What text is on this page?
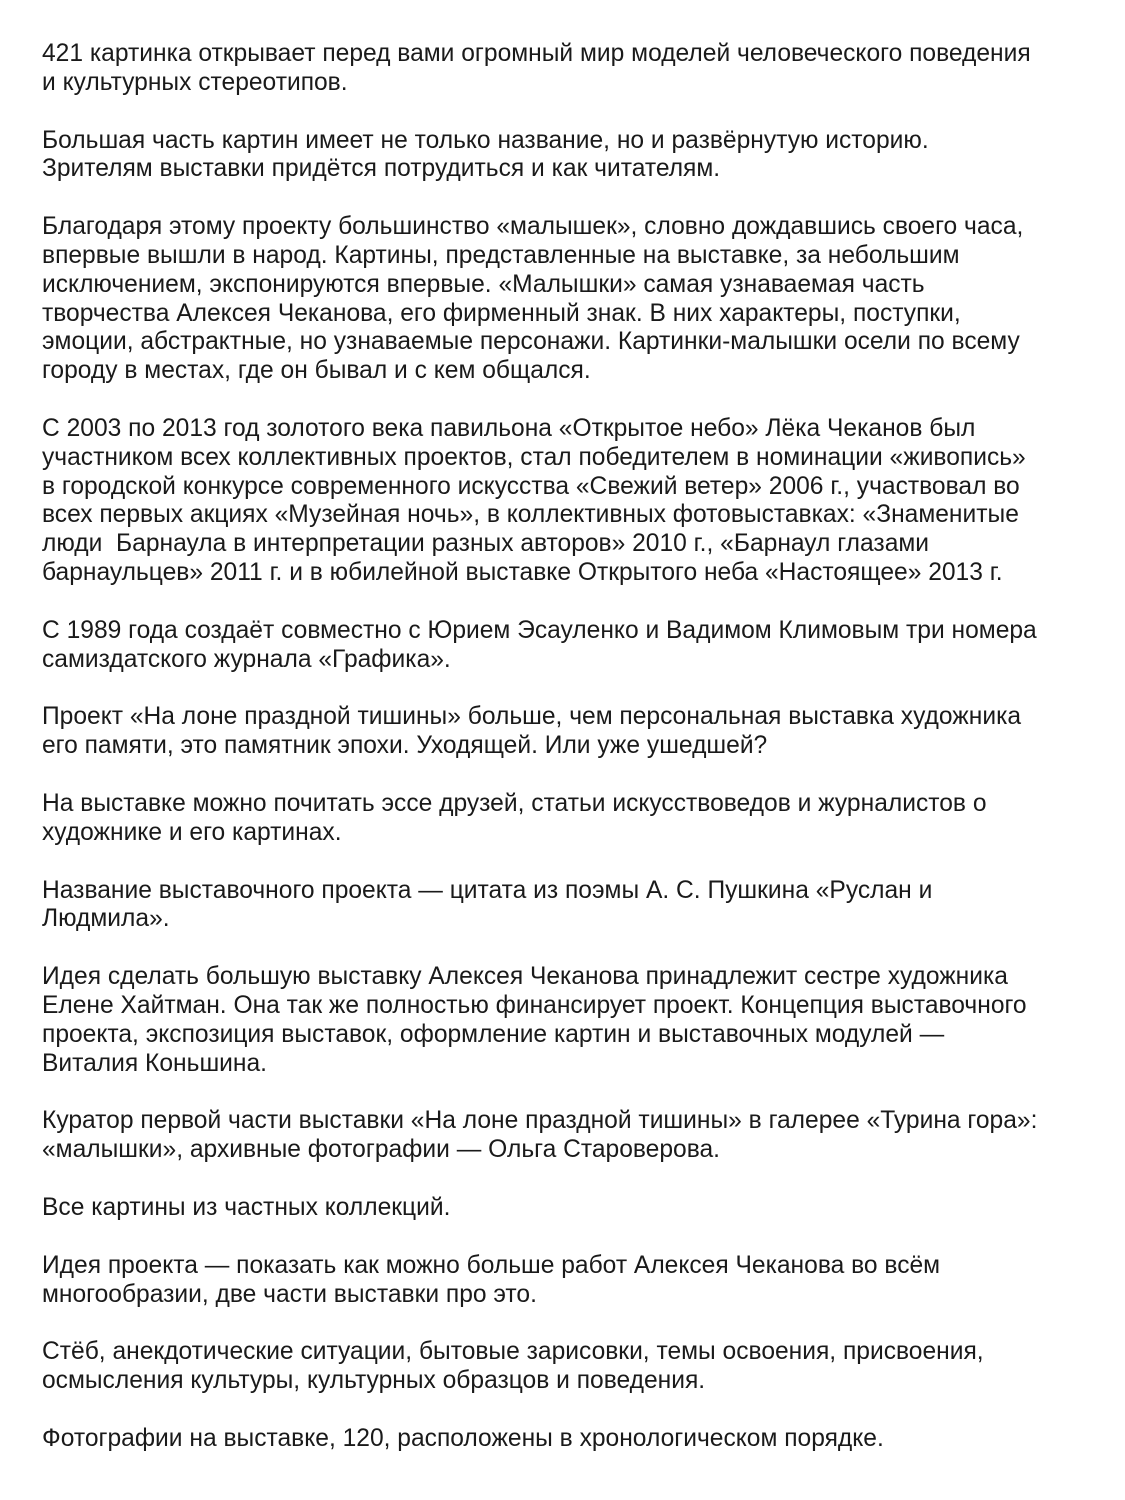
421 картинка открывает перед вами огромный мир моделей человеческого поведения
и культурных стереотипов.

Большая часть картин имеет не только название, но и развёрнутую историю.
Зрителям выставки придётся потрудиться и как читателям.

Благодаря этому проекту большинство «малышек», словно дождавшись своего часа,
впервые вышли в народ. Картины, представленные на выставке, за небольшим
исключением, экспонируются впервые. «Малышки» самая узнаваемая часть
творчества Алексея Чеканова, его фирменный знак. В них характеры, поступки,
эмоции, абстрактные, но узнаваемые персонажи. Картинки-малышки осели по всему
городу в местах, где он бывал и с кем общался.

С 2003 по 2013 год золотого века павильона «Открытое небо» Лёка Чеканов был
участником всех коллективных проектов, стал победителем в номинации «живопись»
в городской конкурсе современного искусства «Свежий ветер» 2006 г., участвовал во
всех первых акциях «Музейная ночь», в коллективных фотовыставках: «Знаменитые
люди  Барнаула в интерпретации разных авторов» 2010 г., «Барнаул глазами
барнаульцев» 2011 г. и в юбилейной выставке Открытого неба «Настоящее» 2013 г.

С 1989 года создаёт совместно с Юрием Эсауленко и Вадимом Климовым три номера
самиздатского журнала «Графика».

Проект «На лоне праздной тишины» больше, чем персональная выставка художника
его памяти, это памятник эпохи. Уходящей. Или уже ушедшей?

На выставке можно почитать эссе друзей, статьи искусствоведов и журналистов о
художнике и его картинах.

Название выставочного проекта — цитата из поэмы А. С. Пушкина «Руслан и
Людмила».

Идея сделать большую выставку Алексея Чеканова принадлежит сестре художника
Елене Хайтман. Она так же полностью финансирует проект. Концепция выставочного
проекта, экспозиция выставок, оформление картин и выставочных модулей —
Виталия Коньшина.

Куратор первой части выставки «На лоне праздной тишины» в галерее «Турина гора»:
«малышки», архивные фотографии — Ольга Староверова.

Все картины из частных коллекций.

Идея проекта — показать как можно больше работ Алексея Чеканова во всём
многообразии, две части выставки про это.

Стёб, анекдотические ситуации, бытовые зарисовки, темы освоения, присвоения,
осмысления культуры, культурных образцов и поведения.

Фотографии на выставке, 120, расположены в хронологическом порядке.
